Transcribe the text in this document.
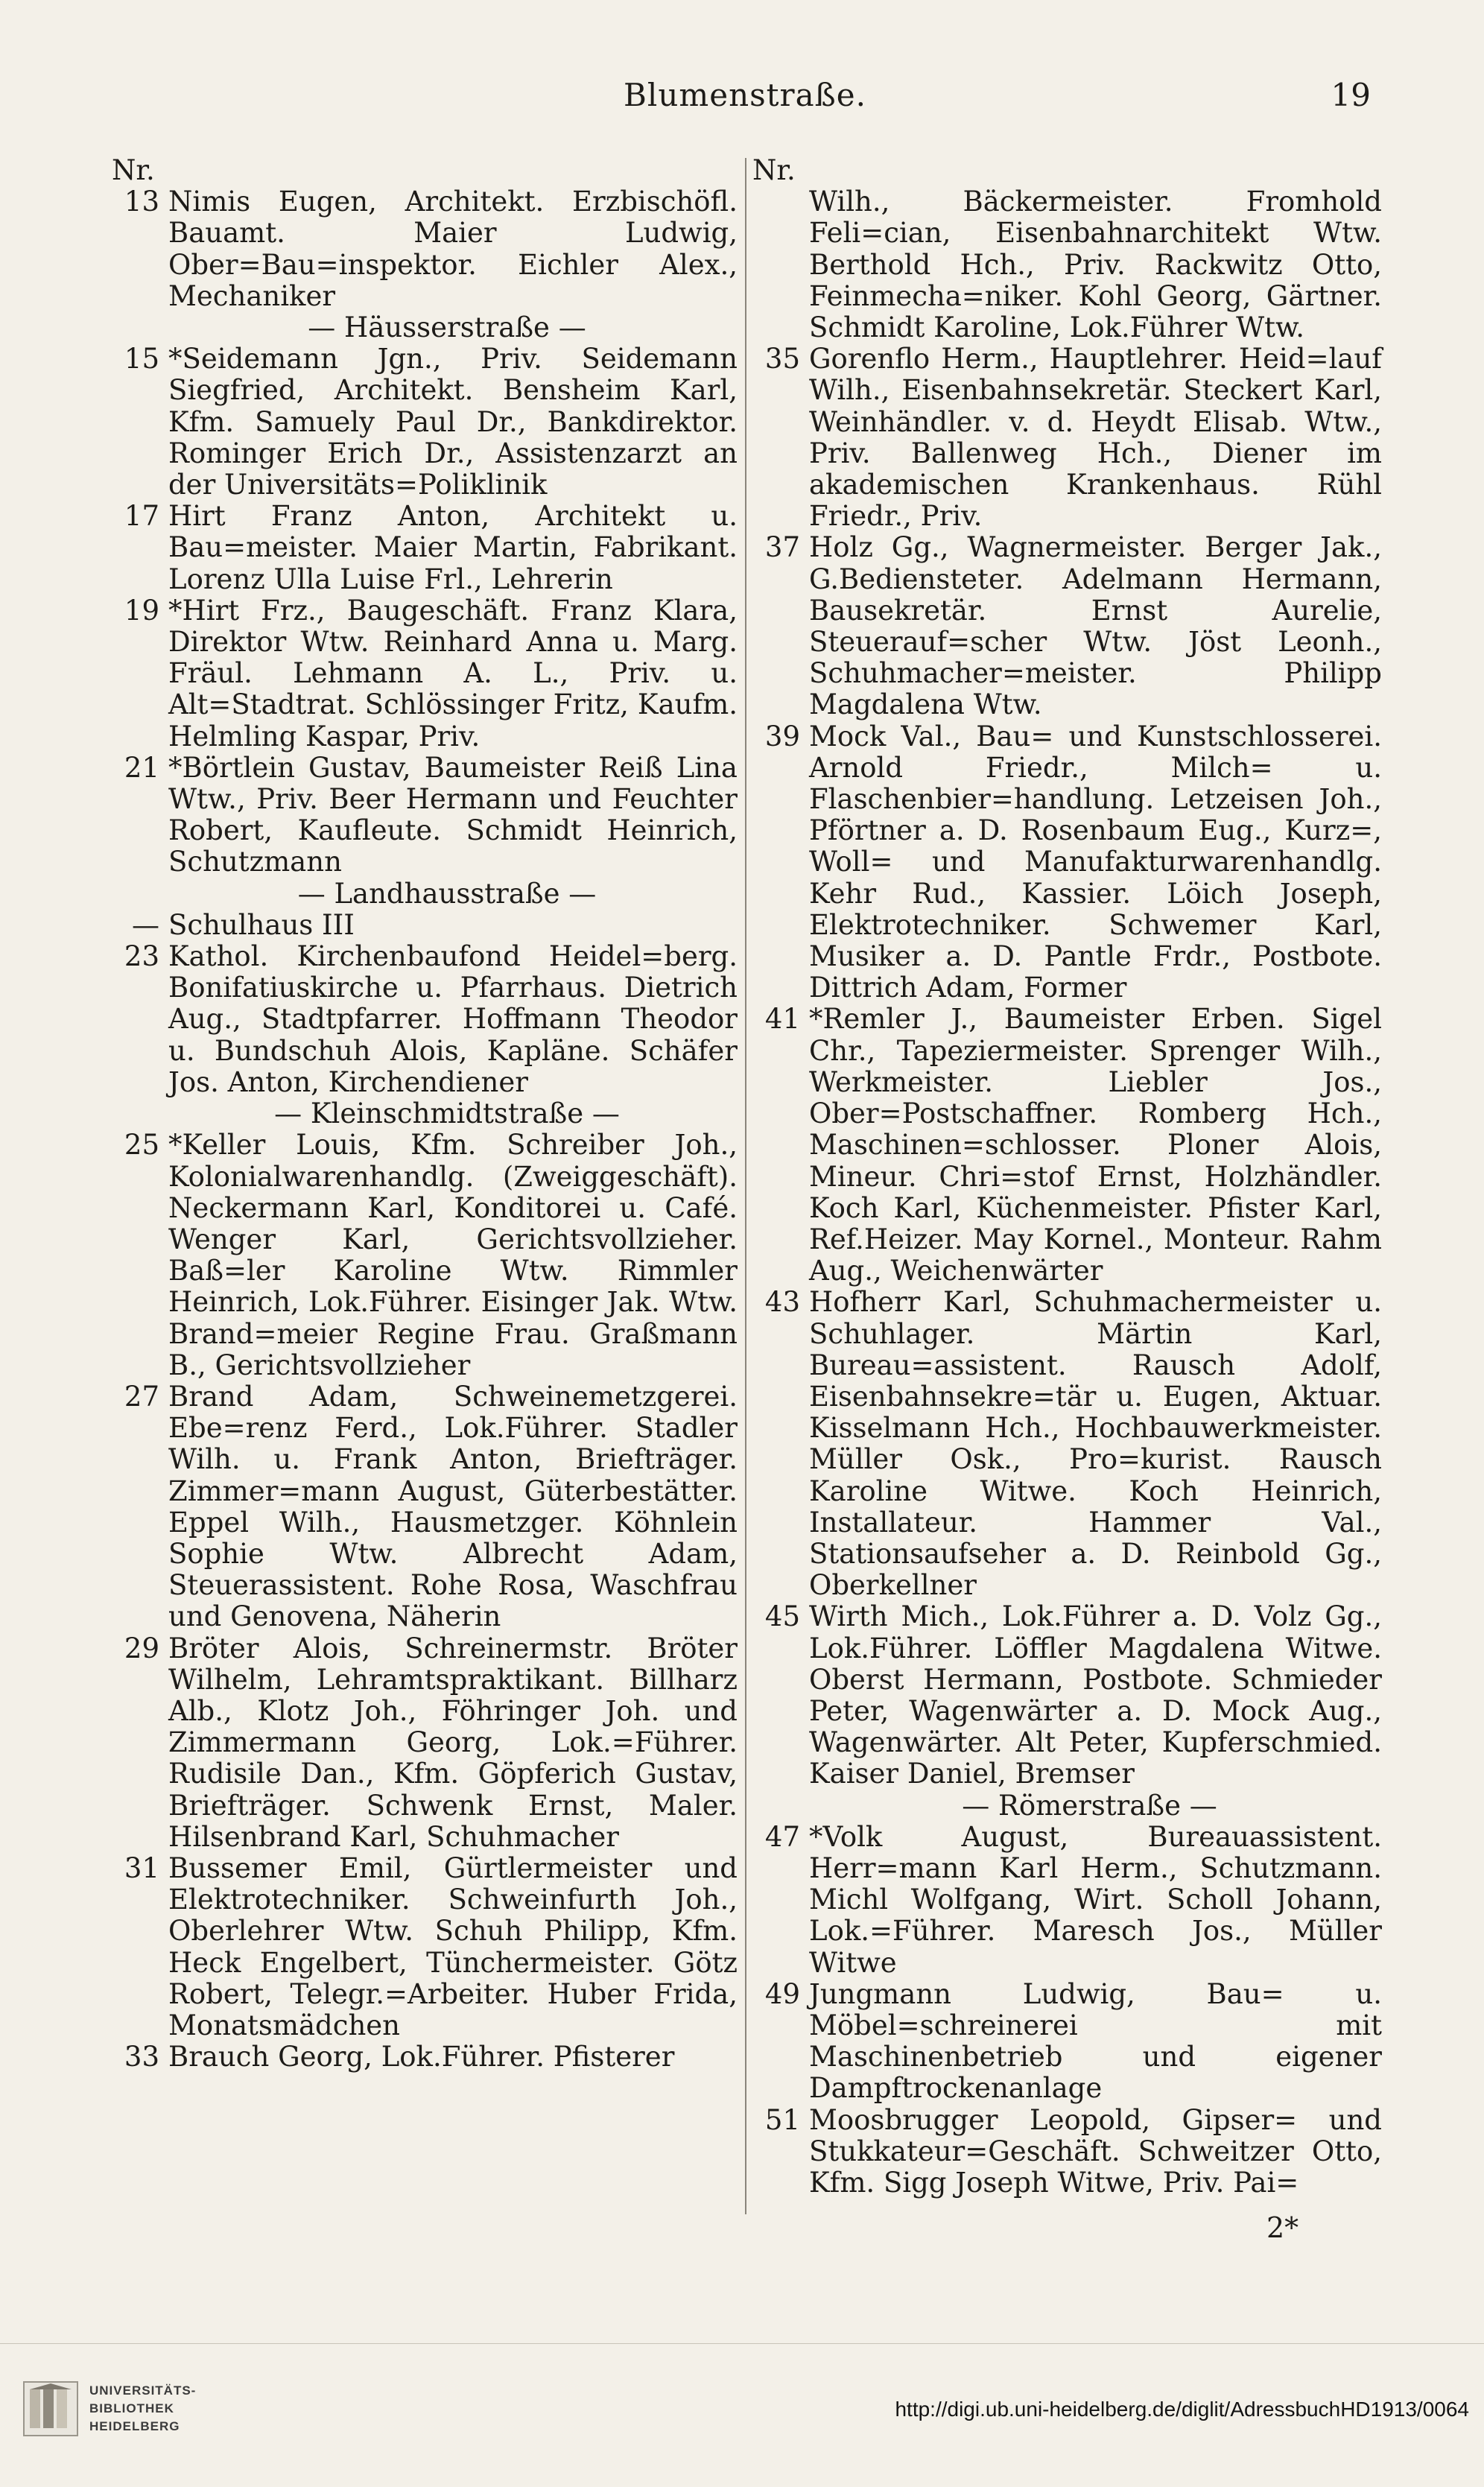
Blumenstraße.	19
Nr.
13 Nimis Eugen, Architekt. Erzbischöfl. Bauamt. Maier Ludwig, Ober=Bau=inspektor. Eichler Alex., Mechaniker
— Häusserstraße —
15 *Seidemann Jgn., Priv. Seidemann Siegfried, Architekt. Bensheim Karl, Kfm. Samuely Paul Dr., Bankdirektor. Rominger Erich Dr., Assistenzarzt an der Universitäts=Poliklinik
17 Hirt Franz Anton, Architekt u. Bau=meister. Maier Martin, Fabrikant. Lorenz Ulla Luise Frl., Lehrerin
19 *Hirt Frz., Baugeschäft. Franz Klara, Direktor Wtw. Reinhard Anna u. Marg. Fräul. Lehmann A. L., Priv. u. Alt=Stadtrat. Schlössinger Fritz, Kaufm. Helmling Kaspar, Priv.
21 *Börtlein Gustav, Baumeister Reiß Lina Wtw., Priv. Beer Hermann und Feuchter Robert, Kaufleute. Schmidt Heinrich, Schutzmann
— Landhausstraße —
— Schulhaus III
23 Kathol. Kirchenbaufond Heidel=berg. Bonifatiuskirche u. Pfarrhaus. Dietrich Aug., Stadtpfarrer. Hoffmann Theodor u. Bundschuh Alois, Kapläne. Schäfer Jos. Anton, Kirchendiener
— Kleinschmidtstraße —
25 *Keller Louis, Kfm. Schreiber Joh., Kolonialwarenhandlg. (Zweiggeschäft). Neckermann Karl, Konditorei u. Café. Wenger Karl, Gerichtsvollzieher. Baß=ler Karoline Wtw. Rimmler Heinrich, Lok.Führer. Eisinger Jak. Wtw. Brand=meier Regine Frau. Graßmann B., Gerichtsvollzieher
27 Brand Adam, Schweinemetzgerei. Ebe=renz Ferd., Lok.Führer. Stadler Wilh. u. Frank Anton, Briefträger. Zimmer=mann August, Güterbestätter. Eppel Wilh., Hausmetzger. Köhnlein Sophie Wtw. Albrecht Adam, Steuerassistent. Rohe Rosa, Waschfrau und Genovena, Näherin
29 Bröter Alois, Schreinermstr. Bröter Wilhelm, Lehramtspraktikant. Billharz Alb., Klotz Joh., Föhringer Joh. und Zimmermann Georg, Lok.=Führer. Rudisile Dan., Kfm. Göpferich Gustav, Briefträger. Schwenk Ernst, Maler. Hilsenbrand Karl, Schuhmacher
31 Bussemer Emil, Gürtlermeister und Elektrotechniker. Schweinfurth Joh., Oberlehrer Wtw. Schuh Philipp, Kfm. Heck Engelbert, Tünchermeister. Götz Robert, Telegr.=Arbeiter. Huber Frida, Monatsmädchen
33 Brauch Georg, Lok.Führer. Pfisterer
Nr.
Wilh., Bäckermeister. Fromhold Feli=cian, Eisenbahnarchitekt Wtw. Berthold Hch., Priv. Rackwitz Otto, Feinmecha=niker. Kohl Georg, Gärtner. Schmidt Karoline, Lok.Führer Wtw.
35 Gorenflo Herm., Hauptlehrer. Heid=lauf Wilh., Eisenbahnsekretär. Steckert Karl, Weinhändler. v. d. Heydt Elisab. Wtw., Priv. Ballenweg Hch., Diener im akademischen Krankenhaus. Rühl Friedr., Priv.
37 Holz Gg., Wagnermeister. Berger Jak., G.Bediensteter. Adelmann Hermann, Bausekretär. Ernst Aurelie, Steuerauf=scher Wtw. Jöst Leonh., Schuhmacher=meister. Philipp Magdalena Wtw.
39 Mock Val., Bau= und Kunstschlosserei. Arnold Friedr., Milch= u. Flaschenbier=handlung. Letzeisen Joh., Pförtner a. D. Rosenbaum Eug., Kurz=, Woll= und Manufakturwarenhandlg. Kehr Rud., Kassier. Löich Joseph, Elektrotechniker. Schwemer Karl, Musiker a. D. Pantle Frdr., Postbote. Dittrich Adam, Former
41 *Remler J., Baumeister Erben. Sigel Chr., Tapeziermeister. Sprenger Wilh., Werkmeister. Liebler Jos., Ober=Postschaffner. Romberg Hch., Maschinen=schlosser. Ploner Alois, Mineur. Chri=stof Ernst, Holzhändler. Koch Karl, Küchenmeister. Pfister Karl, Ref.Heizer. May Kornel., Monteur. Rahm Aug., Weichenwärter
43 Hofherr Karl, Schuhmachermeister u. Schuhlager. Märtin Karl, Bureau=assistent. Rausch Adolf, Eisenbahnsekre=tär u. Eugen, Aktuar. Kisselmann Hch., Hochbauwerkmeister. Müller Osk., Pro=kurist. Rausch Karoline Witwe. Koch Heinrich, Installateur. Hammer Val., Stationsaufseher a. D. Reinbold Gg., Oberkellner
45 Wirth Mich., Lok.Führer a. D. Volz Gg., Lok.Führer. Löffler Magdalena Witwe. Oberst Hermann, Postbote. Schmieder Peter, Wagenwärter a. D. Mock Aug., Wagenwärter. Alt Peter, Kupferschmied. Kaiser Daniel, Bremser
— Römerstraße —
47 *Volk August, Bureauassistent. Herr=mann Karl Herm., Schutzmann. Michl Wolfgang, Wirt. Scholl Johann, Lok.=Führer. Maresch Jos., Müller Witwe
49 Jungmann Ludwig, Bau= u. Möbel=schreinerei mit Maschinenbetrieb und eigener Dampftrockenanlage
51 Moosbrugger Leopold, Gipser= und Stukkateur=Geschäft. Schweitzer Otto, Kfm. Sigg Joseph Witwe, Priv. Pai=
2*
UNIVERSITÄTS-
BIBLIOTHEK
HEIDELBERG
http://digi.ub.uni-heidelberg.de/diglit/AdressbuchHD1913/0064
